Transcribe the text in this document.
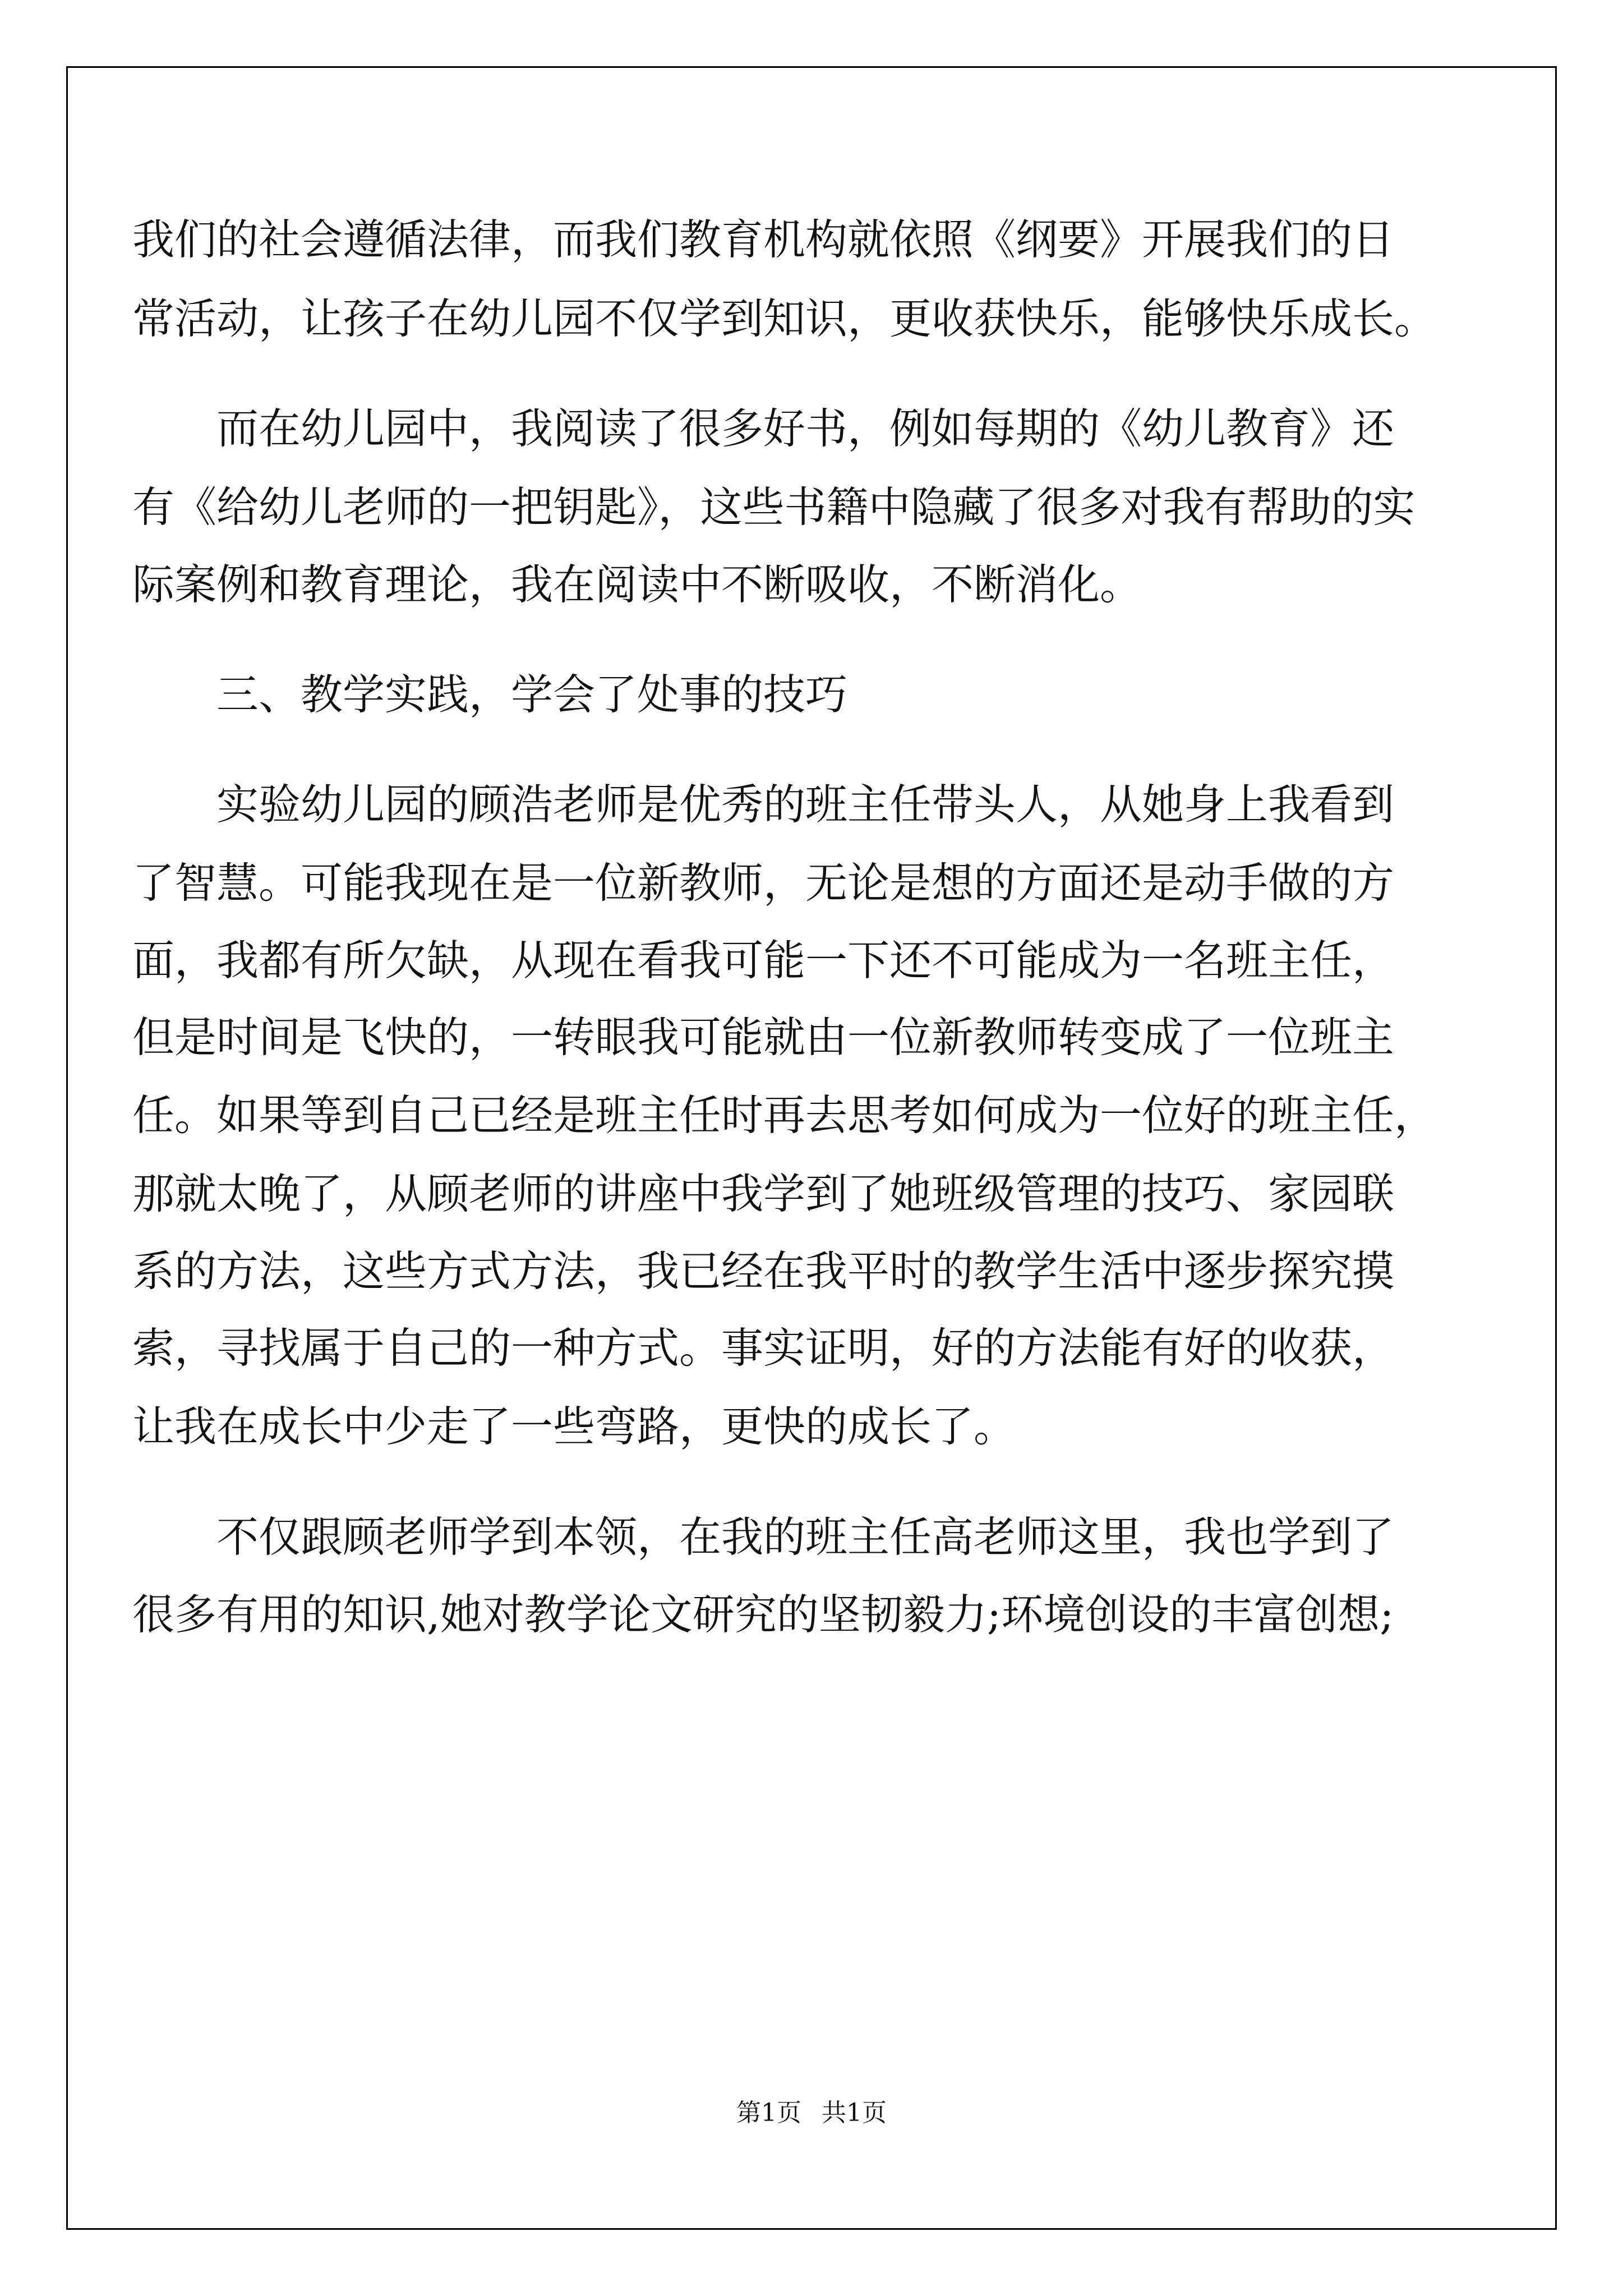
我们的社会遵循法律，而我们教育机构就依照《纲要》开展我们的日
常活动，让孩子在幼儿园不仅学到知识，更收获快乐，能够快乐成长。
而在幼儿园中，我阅读了很多好书，例如每期的《幼儿教育》还
有《给幼儿老师的一把钥匙》，这些书籍中隐藏了很多对我有帮助的实
际案例和教育理论，我在阅读中不断吸收，不断消化。
三、教学实践，学会了处事的技巧
实验幼儿园的顾浩老师是优秀的班主任带头人，从她身上我看到
了智慧。可能我现在是一位新教师，无论是想的方面还是动手做的方
面，我都有所欠缺，从现在看我可能一下还不可能成为一名班主任，
但是时间是飞快的，一转眼我可能就由一位新教师转变成了一位班主
任。如果等到自己已经是班主任时再去思考如何成为一位好的班主任，
那就太晚了，从顾老师的讲座中我学到了她班级管理的技巧、家园联
系的方法，这些方式方法，我已经在我平时的教学生活中逐步探究摸
索，寻找属于自己的一种方式。事实证明，好的方法能有好的收获，
让我在成长中少走了一些弯路，更快的成长了。
不仅跟顾老师学到本领，在我的班主任高老师这里，我也学到了
很多有用的知识,她对教学论文研究的坚韧毅力;环境创设的丰富创想;
第1页 共1页
